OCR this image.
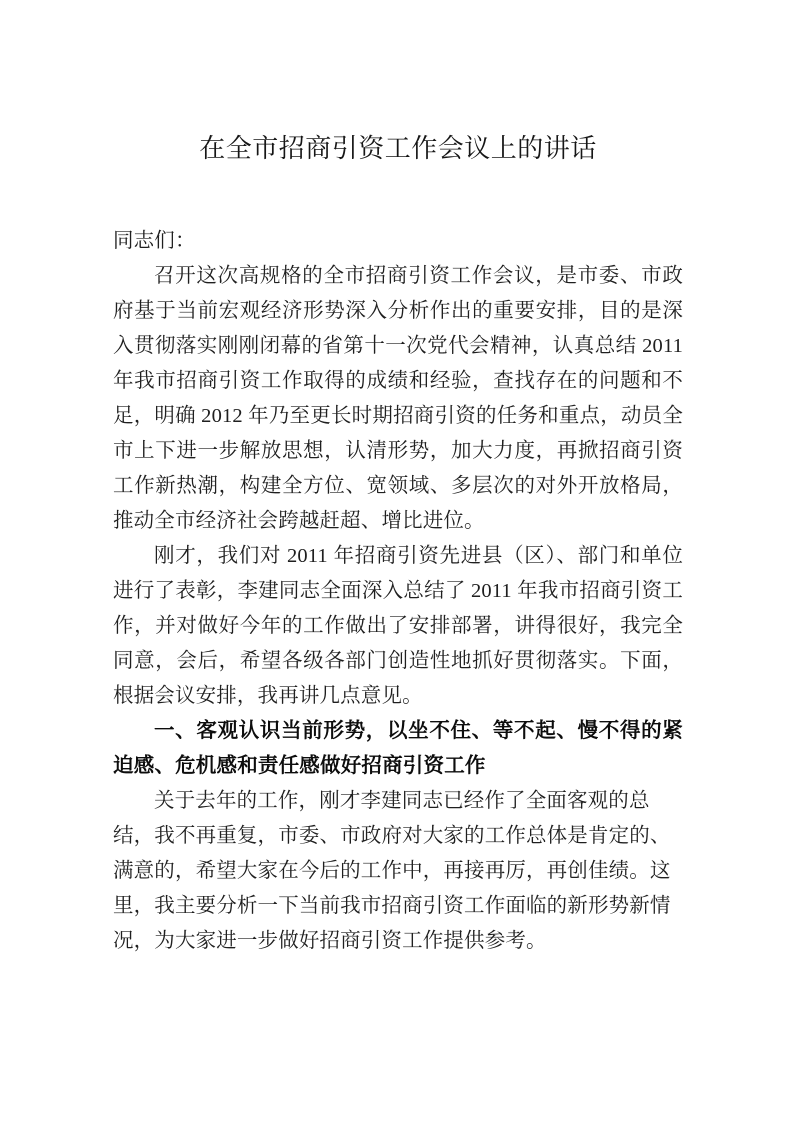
在全市招商引资工作会议上的讲话

同志们：

召开这次高规格的全市招商引资工作会议，是市委、市政府基于当前宏观经济形势深入分析作出的重要安排，目的是深入贯彻落实刚刚闭幕的省第十一次党代会精神，认真总结 2011 年我市招商引资工作取得的成绩和经验，查找存在的问题和不足，明确 2012 年乃至更长时期招商引资的任务和重点，动员全市上下进一步解放思想，认清形势，加大力度，再掀招商引资工作新热潮，构建全方位、宽领域、多层次的对外开放格局，推动全市经济社会跨越赶超、增比进位。

刚才，我们对 2011 年招商引资先进县（区）、部门和单位进行了表彰，李建同志全面深入总结了 2011 年我市招商引资工作，并对做好今年的工作做出了安排部署，讲得很好，我完全同意，会后，希望各级各部门创造性地抓好贯彻落实。下面，根据会议安排，我再讲几点意见。

一、客观认识当前形势，以坐不住、等不起、慢不得的紧迫感、危机感和责任感做好招商引资工作

关于去年的工作，刚才李建同志已经作了全面客观的总结，我不再重复，市委、市政府对大家的工作总体是肯定的、满意的，希望大家在今后的工作中，再接再厉，再创佳绩。这里，我主要分析一下当前我市招商引资工作面临的新形势新情况，为大家进一步做好招商引资工作提供参考。
